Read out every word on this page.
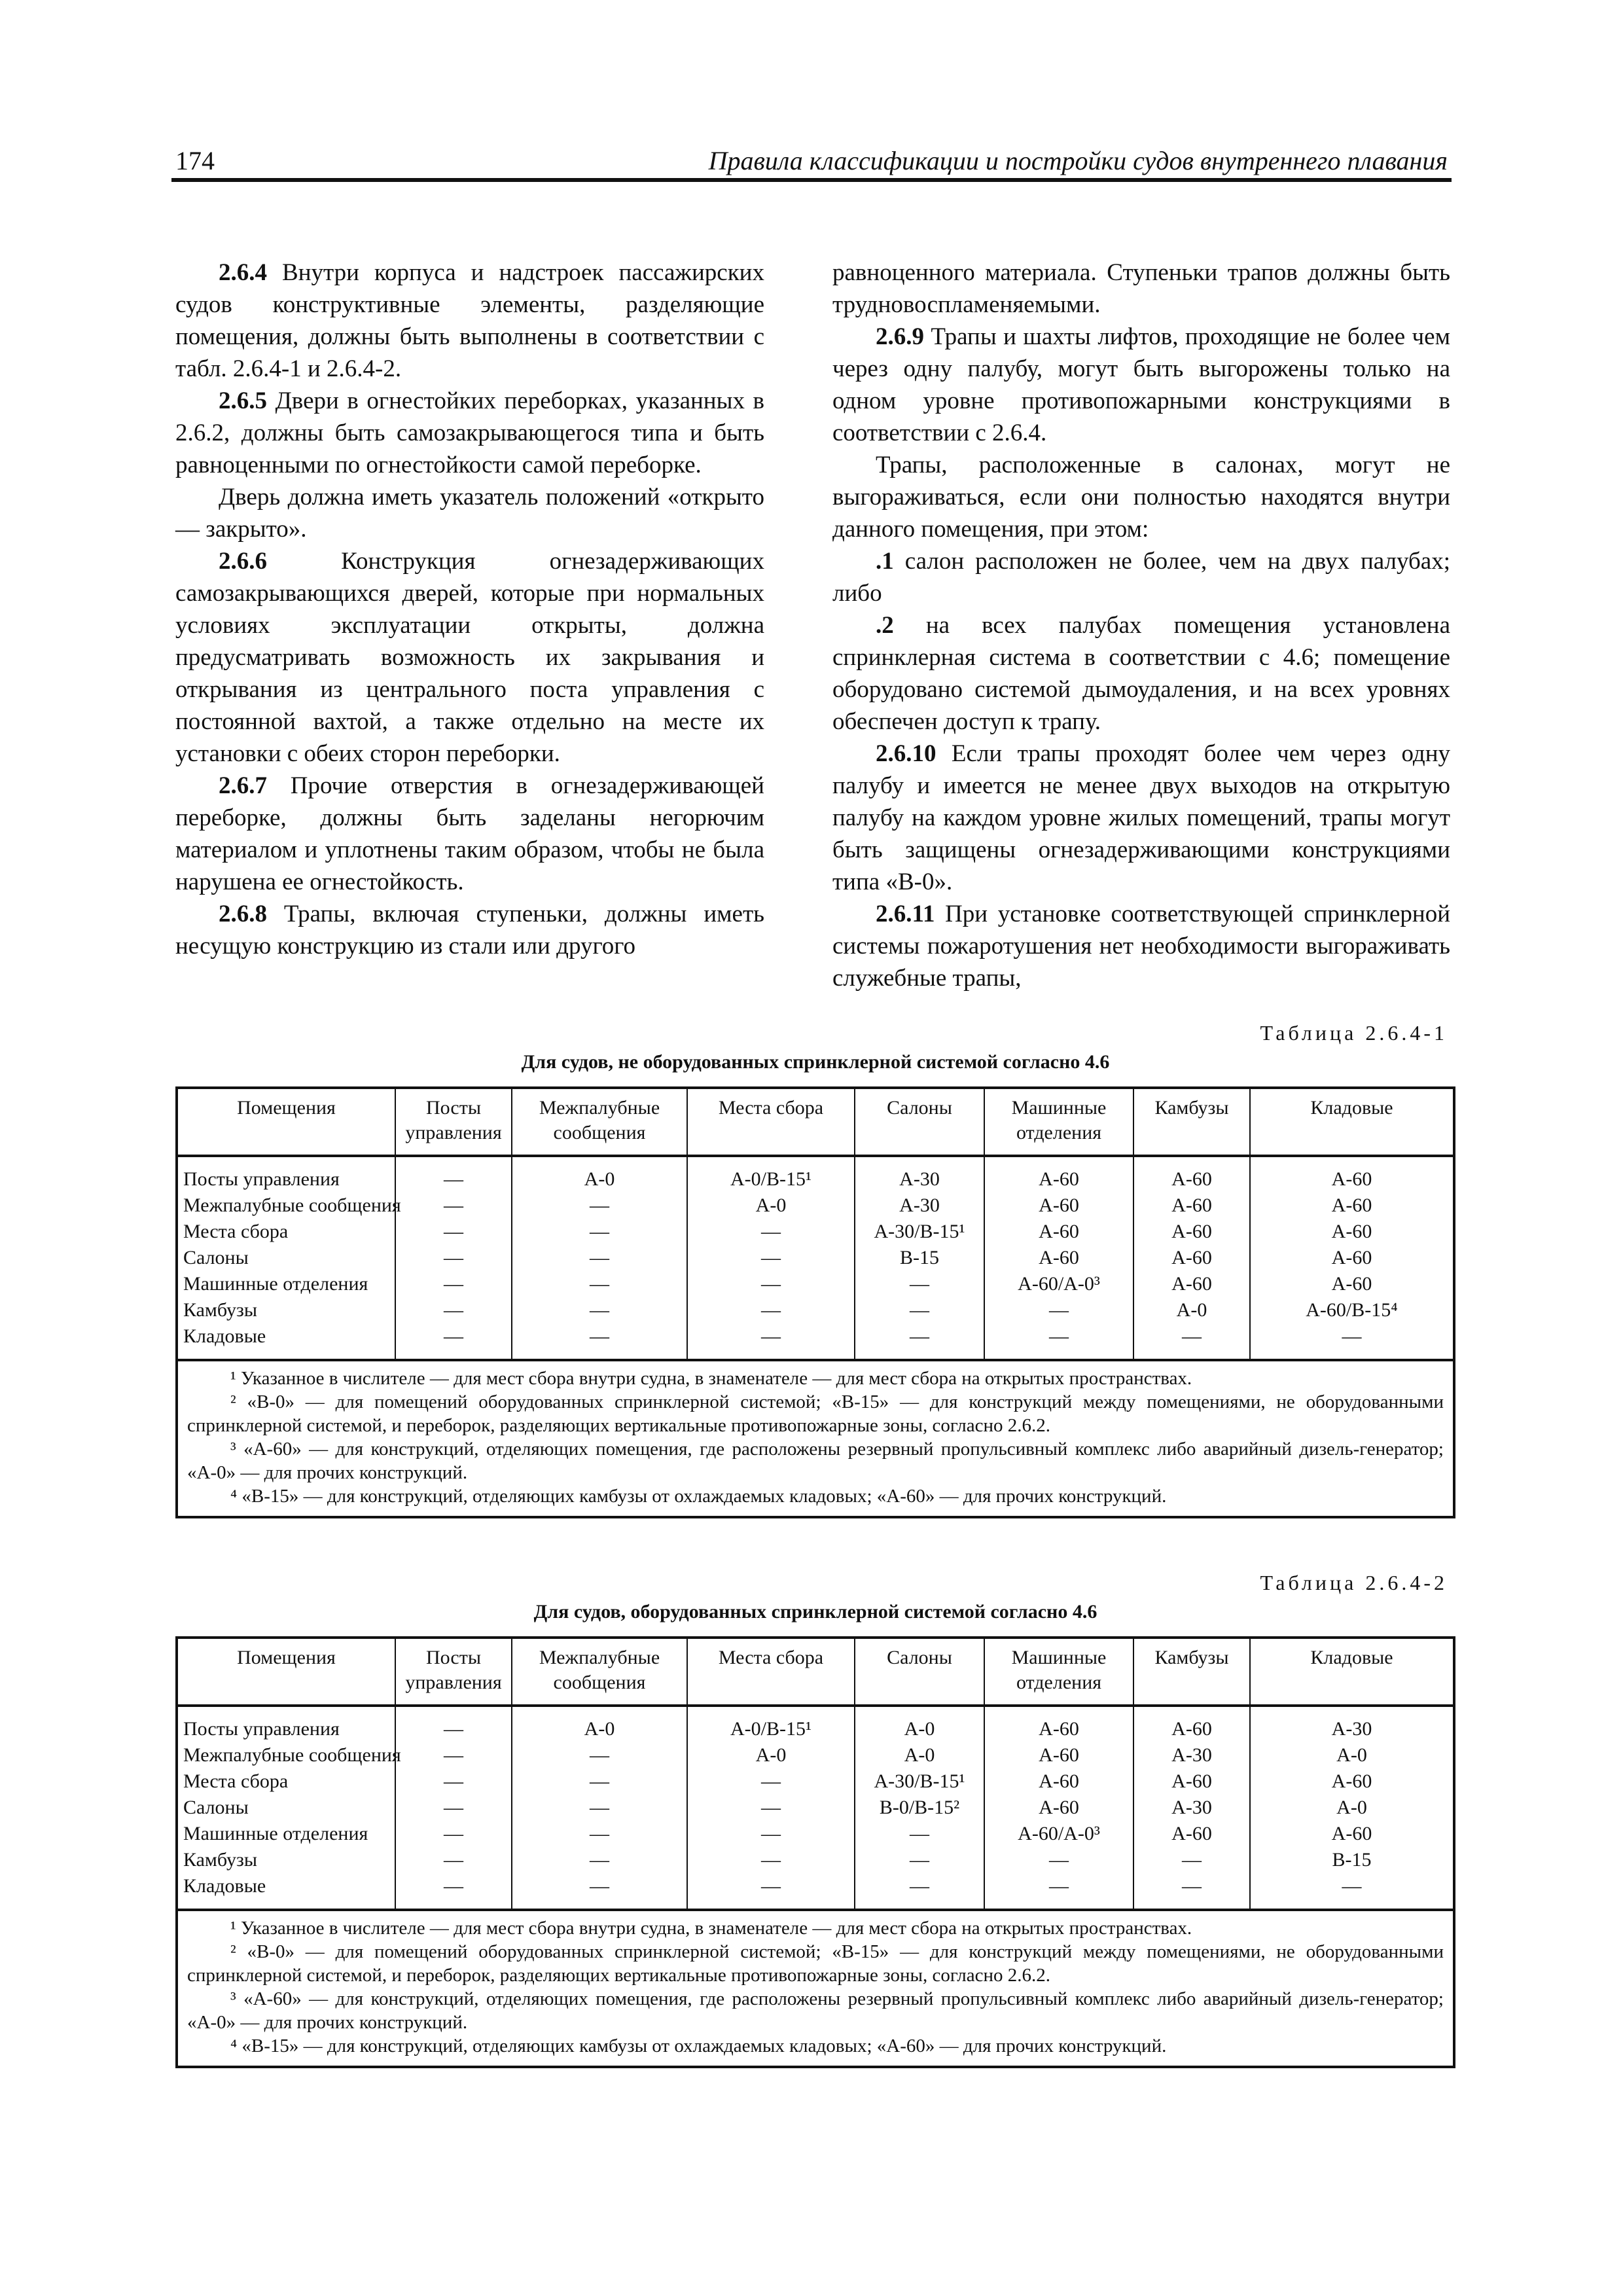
174	Правила классификации и постройки судов внутреннего плавания

2.6.4 Внутри корпуса и надстроек пассажирских судов конструктивные элементы, разделяющие помещения, должны быть выполнены в соответствии с табл. 2.6.4-1 и 2.6.4-2.

2.6.5 Двери в огнестойких переборках, указанных в 2.6.2, должны быть самозакрывающегося типа и быть равноценными по огнестойкости самой переборке.

Дверь должна иметь указатель положений «открыто — закрыто».

2.6.6 Конструкция огнезадерживающих самозакрывающихся дверей, которые при нормальных условиях эксплуатации открыты, должна предусматривать возможность их закрывания и открывания из центрального поста управления с постоянной вахтой, а также отдельно на месте их установки с обеих сторон переборки.

2.6.7 Прочие отверстия в огнезадерживающей переборке, должны быть заделаны негорючим материалом и уплотнены таким образом, чтобы не была нарушена ее огнестойкость.

2.6.8 Трапы, включая ступеньки, должны иметь несущую конструкцию из стали или другого

равноценного материала. Ступеньки трапов должны быть трудновоспламеняемыми.

2.6.9 Трапы и шахты лифтов, проходящие не более чем через одну палубу, могут быть выгорожены только на одном уровне противопожарными конструкциями в соответствии с 2.6.4.

Трапы, расположенные в салонах, могут не выгораживаться, если они полностью находятся внутри данного помещения, при этом:

.1 салон расположен не более, чем на двух палубах; либо

.2 на всех палубах помещения установлена спринклерная система в соответствии с 4.6; помещение оборудовано системой дымоудаления, и на всех уровнях обеспечен доступ к трапу.

2.6.10 Если трапы проходят более чем через одну палубу и имеется не менее двух выходов на открытую палубу на каждом уровне жилых помещений, трапы могут быть защищены огнезадерживающими конструкциями типа «В-0».

2.6.11 При установке соответствующей спринклерной системы пожаротушения нет необходимости выгораживать служебные трапы,

Таблица 2.6.4-1
Для судов, не оборудованных спринклерной системой согласно 4.6
Помещения	Посты управления	Межпалубные сообщения	Места сбора	Салоны	Машинные отделения	Камбузы	Кладовые
Посты управления	—	А-0	А-0/В-15¹	А-30	А-60	А-60	А-60
Межпалубные сообщения	—	—	А-0	А-30	А-60	А-60	А-60
Места сбора	—	—	—	А-30/В-15¹	А-60	А-60	А-60
Салоны	—	—	—	В-15	А-60	А-60	А-60
Машинные отделения	—	—	—	—	А-60/А-0³	А-60	А-60
Камбузы	—	—	—	—	—	А-0	А-60/В-15⁴
Кладовые	—	—	—	—	—	—	—

¹ Указанное в числителе — для мест сбора внутри судна, в знаменателе — для мест сбора на открытых пространствах.

² «В-0» — для помещений оборудованных спринклерной системой; «В-15» — для конструкций между помещениями, не оборудованными спринклерной системой, и переборок, разделяющих вертикальные противопожарные зоны, согласно 2.6.2.

³ «А-60» — для конструкций, отделяющих помещения, где расположены резервный пропульсивный комплекс либо аварийный дизель-генератор; «А-0» — для прочих конструкций.

⁴ «В-15» — для конструкций, отделяющих камбузы от охлаждаемых кладовых; «А-60» — для прочих конструкций.

Таблица 2.6.4-2
Для судов, оборудованных спринклерной системой согласно 4.6
Помещения	Посты управления	Межпалубные сообщения	Места сбора	Салоны	Машинные отделения	Камбузы	Кладовые
Посты управления	—	А-0	А-0/В-15¹	А-0	А-60	А-60	А-30
Межпалубные сообщения	—	—	А-0	А-0	А-60	А-30	А-0
Места сбора	—	—	—	А-30/В-15¹	А-60	А-60	А-60
Салоны	—	—	—	В-0/В-15²	А-60	А-30	А-0
Машинные отделения	—	—	—	—	А-60/А-0³	А-60	А-60
Камбузы	—	—	—	—	—	—	В-15
Кладовые	—	—	—	—	—	—	—

¹ Указанное в числителе — для мест сбора внутри судна, в знаменателе — для мест сбора на открытых пространствах.

² «В-0» — для помещений оборудованных спринклерной системой; «В-15» — для конструкций между помещениями, не оборудованными спринклерной системой, и переборок, разделяющих вертикальные противопожарные зоны, согласно 2.6.2.

³ «А-60» — для конструкций, отделяющих помещения, где расположены резервный пропульсивный комплекс либо аварийный дизель-генератор; «А-0» — для прочих конструкций.

⁴ «В-15» — для конструкций, отделяющих камбузы от охлаждаемых кладовых; «А-60» — для прочих конструкций.
